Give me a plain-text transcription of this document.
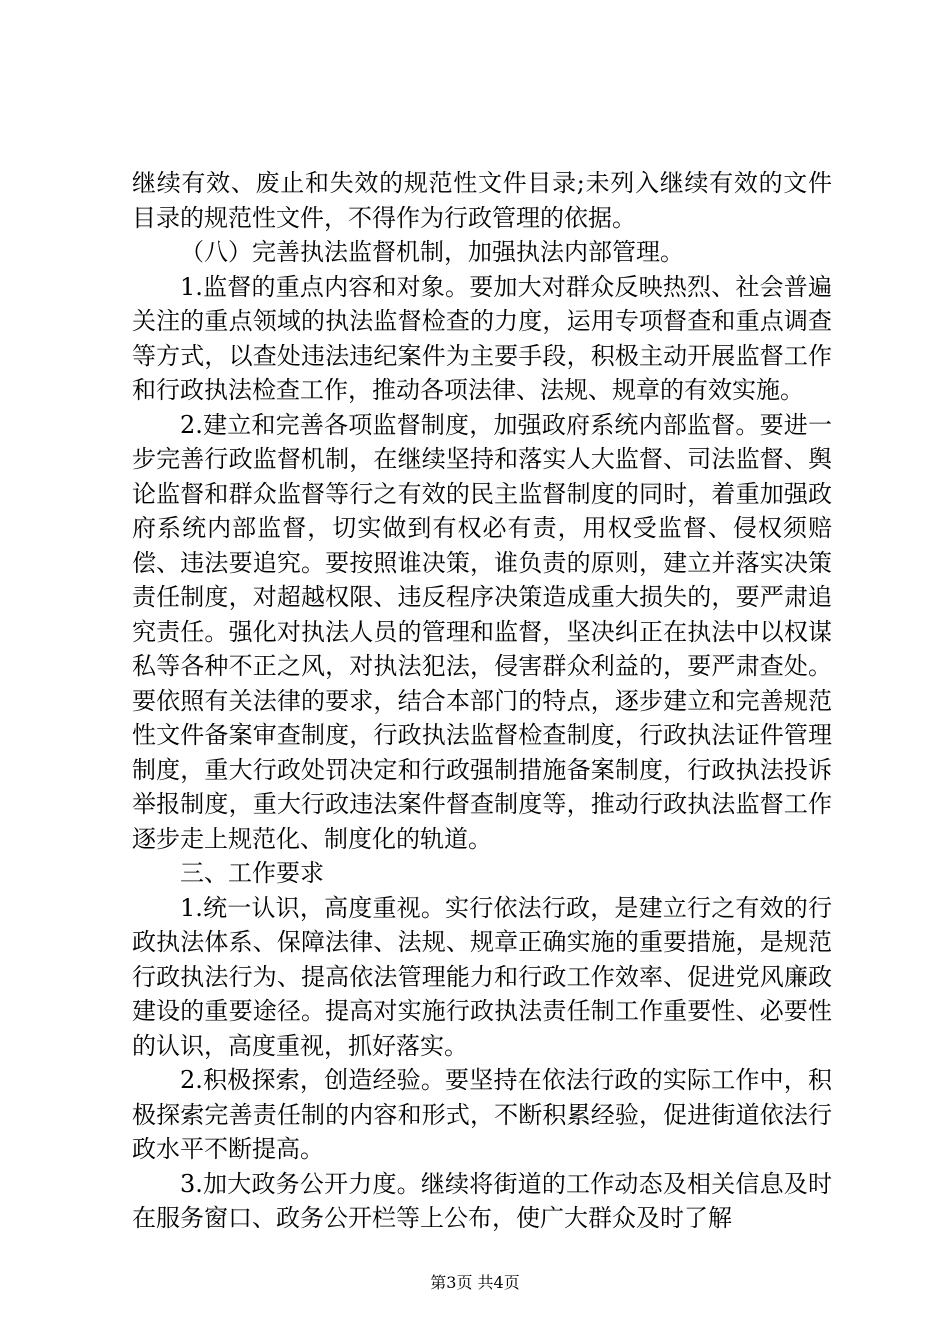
继续有效、废止和失效的规范性文件目录;未列入继续有效的文件目录的规范性文件，不得作为行政管理的依据。

（八）完善执法监督机制，加强执法内部管理。

1.监督的重点内容和对象。要加大对群众反映热烈、社会普遍关注的重点领域的执法监督检查的力度，运用专项督查和重点调查等方式，以查处违法违纪案件为主要手段，积极主动开展监督工作和行政执法检查工作，推动各项法律、法规、规章的有效实施。

2.建立和完善各项监督制度，加强政府系统内部监督。要进一步完善行政监督机制，在继续坚持和落实人大监督、司法监督、舆论监督和群众监督等行之有效的民主监督制度的同时，着重加强政府系统内部监督，切实做到有权必有责，用权受监督、侵权须赔偿、违法要追究。要按照谁决策，谁负责的原则，建立并落实决策责任制度，对超越权限、违反程序决策造成重大损失的，要严肃追究责任。强化对执法人员的管理和监督，坚决纠正在执法中以权谋私等各种不正之风，对执法犯法，侵害群众利益的，要严肃查处。要依照有关法律的要求，结合本部门的特点，逐步建立和完善规范性文件备案审查制度，行政执法监督检查制度，行政执法证件管理制度，重大行政处罚决定和行政强制措施备案制度，行政执法投诉举报制度，重大行政违法案件督查制度等，推动行政执法监督工作逐步走上规范化、制度化的轨道。

三、工作要求

1.统一认识，高度重视。实行依法行政，是建立行之有效的行政执法体系、保障法律、法规、规章正确实施的重要措施，是规范行政执法行为、提高依法管理能力和行政工作效率、促进党风廉政建设的重要途径。提高对实施行政执法责任制工作重要性、必要性的认识，高度重视，抓好落实。

2.积极探索，创造经验。要坚持在依法行政的实际工作中，积极探索完善责任制的内容和形式，不断积累经验，促进街道依法行政水平不断提高。

3.加大政务公开力度。继续将街道的工作动态及相关信息及时在服务窗口、政务公开栏等上公布，使广大群众及时了解

第3页 共4页
